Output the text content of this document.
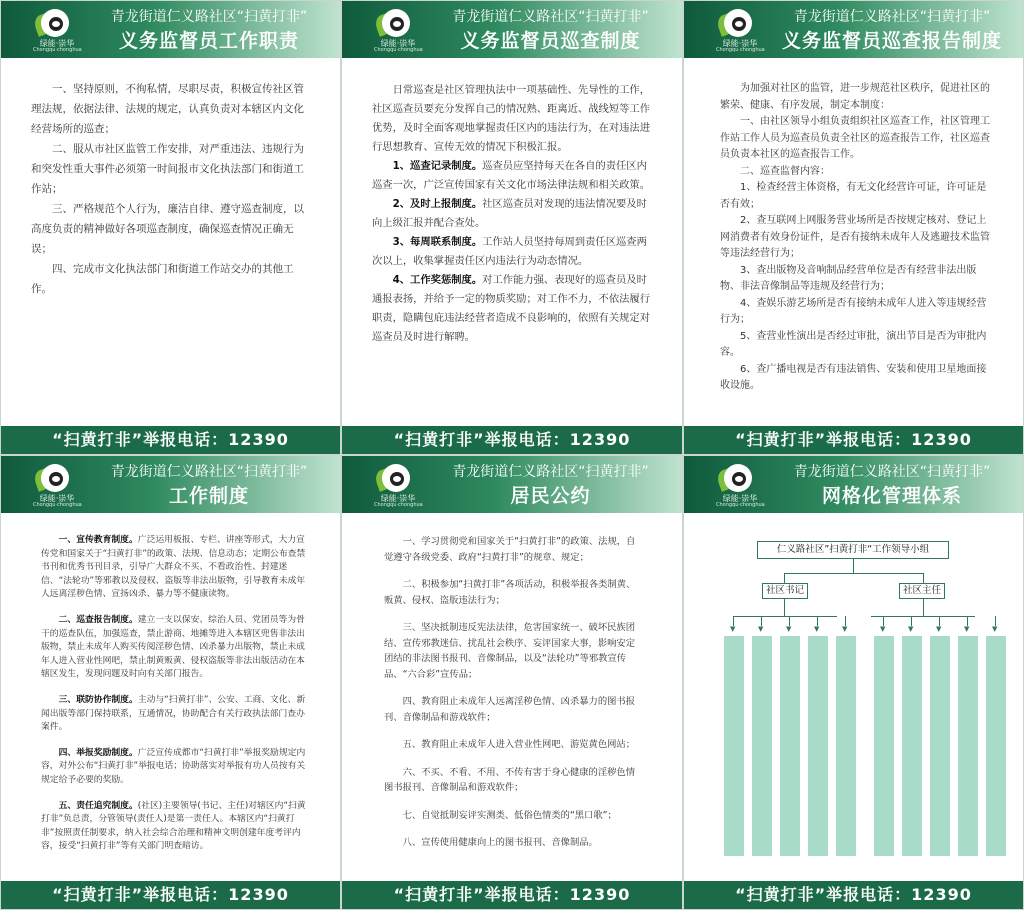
绿能·崇华
Chongqu·chonghua
青龙街道仁义路社区“扫黄打非”
义务监督员工作职责

一、坚持原则，不徇私情，尽职尽责，积极宣传社区管理法规，依据法律、法规的规定，认真负责对本辖区内文化经营场所的巡查；

二、服从市社区监管工作安排，对严重违法、违规行为和突发性重大事件必须第一时间报市文化执法部门和街道工作站；

三、严格规范个人行为，廉洁自律、遵守巡查制度，以高度负责的精神做好各项巡查制度，确保巡查情况正确无误；

四、完成市文化执法部门和街道工作站交办的其他工作。

“扫黄打非”举报电话：12390
绿能·崇华
Chongqu·chonghua
青龙街道仁义路社区“扫黄打非”
义务监督员巡查制度

日常巡查是社区管理执法中一项基础性、先导性的工作，社区巡查员要充分发挥自己的情况熟、距离近、战线短等工作优势，及时全面客观地掌握责任区内的违法行为，在对违法进行思想教育、宣传无效的情况下积极汇报。

1、巡查记录制度。巡查员应坚持每天在各自的责任区内巡查一次，广泛宣传国家有关文化市场法律法规和相关政策。

2、及时上报制度。社区巡查员对发现的违法情况要及时向上级汇报并配合查处。

3、每周联系制度。工作站人员坚持每周到责任区巡查两次以上，收集掌握责任区内违法行为动态情况。

4、工作奖惩制度。对工作能力强、表现好的巡查员及时通报表扬，并给予一定的物质奖励；对工作不力，不依法履行职责，隐瞒包庇违法经营者造成不良影响的，依照有关规定对巡查员及时进行解聘。

“扫黄打非”举报电话：12390
绿能·崇华
Chongqu·chonghua
青龙街道仁义路社区“扫黄打非”
义务监督员巡查报告制度

为加强对社区的监管，进一步规范社区秩序，促进社区的繁荣、健康、有序发展，制定本制度：

一、由社区领导小组负责组织社区巡查工作，社区管理工作站工作人员为巡查员负责全社区的巡查报告工作，社区巡查员负责本社区的巡查报告工作。

二、巡查监督内容：

1、检查经营主体资格，有无文化经营许可证，许可证是否有效；

2、查互联网上网服务营业场所是否按规定核对、登记上网消费者有效身份证件，是否有接纳未成年人及逃避技术监管等违法经营行为；

3、查出版物及音响制品经营单位是否有经营非法出版物、非法音像制品等违规及经营行为；

4、查娱乐游艺场所是否有接纳未成年人进入等违规经营行为；

5、查营业性演出是否经过审批，演出节目是否为审批内容。

6、查广播电视是否有违法销售、安装和使用卫星地面接收设施。

“扫黄打非”举报电话：12390
绿能·崇华
Chongqu·chonghua
青龙街道仁义路社区“扫黄打非”
工作制度

一、宣传教育制度。广泛运用板报、专栏、讲座等形式，大力宣传党和国家关于“扫黄打非”的政策、法规、信息动态；定期公布查禁书刊和优秀书刊目录，引导广大群众不买、不看政治性、封建迷信、“法轮功”等邪教以及侵权、盗版等非法出版物，引导教育未成年人远离淫秽色情、宣扬凶杀、暴力等不健康读物。

二、巡查报告制度。建立一支以保安、综治人员、党团员等为骨干的巡查队伍，加强巡查，禁止游商、地摊等进入本辖区兜售非法出版物，禁止未成年人购买传阅淫秽色情、凶杀暴力出版物，禁止未成年人进入营业性网吧，禁止制黄贩黄、侵权盗版等非法出版活动在本辖区发生，发现问题及时向有关部门报告。

三、联防协作制度。主动与“扫黄打非”、公安、工商、文化、新闻出版等部门保持联系，互通情况，协助配合有关行政执法部门查办案件。

四、举报奖励制度。广泛宣传成都市“扫黄打非”举报奖励规定内容，对外公布“扫黄打非”举报电话；协助落实对举报有功人员按有关规定给予必要的奖励。

五、责任追究制度。(社区)主要领导(书记、主任)对辖区内“扫黄打非”负总责，分管领导(责任人)是第一责任人。本辖区内“扫黄打非”按照责任制要求，纳入社会综合治理和精神文明创建年度考评内容，接受“扫黄打非”等有关部门明查暗访。

“扫黄打非”举报电话：12390
绿能·崇华
Chongqu·chonghua
青龙街道仁义路社区“扫黄打非”
居民公约

一、学习贯彻党和国家关于“扫黄打非”的政策、法规，自觉遵守各级党委、政府“扫黄打非”的规章、规定；

二、积极参加“扫黄打非”各项活动，积极举报各类制黄、贩黄、侵权、盗版违法行为；

三、坚决抵制违反宪法法律，危害国家统一、破坏民族团结、宣传邪教迷信、扰乱社会秩序、妄评国家大事，影响安定团结的非法图书报刊、音像制品，以及“法轮功”等邪教宣传品、“六合彩”宣传品；

四、教育阻止未成年人远离淫秽色情、凶杀暴力的图书报刊、音像制品和游戏软件；

五、教育阻止未成年人进入营业性网吧、游览黄色网站；

六、不买、不看、不用、不传有害于身心健康的淫秽色情图书报刊、音像制品和游戏软件；

七、自觉抵制妄评实测类、低俗色情类的“黑口歌”；

八、宣传使用健康向上的图书报刊、音像制品。

“扫黄打非”举报电话：12390
绿能·崇华
Chongqu·chonghua
青龙街道仁义路社区“扫黄打非”
网格化管理体系
仁义路社区”扫黄打非“工作领导小组
社区书记	社区主任
▼	▼	▼	▼	▼	▼	▼	▼	▼	▼
“扫黄打非”举报电话：12390
